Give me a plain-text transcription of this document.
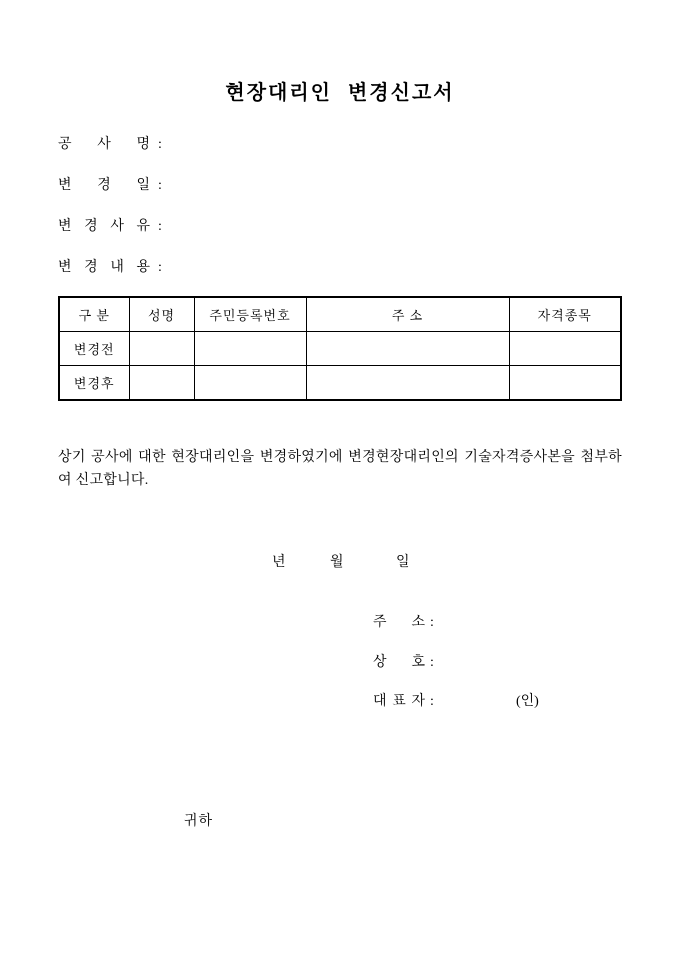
현장대리인 변경신고서
공 사 명 :
변 경 일 :
변 경 사 유 :
변 경 내 용 :
구 분	성명	주민등록번호	주 소	자격종목
변경전				
변경후				

상기 공사에 대한 현장대리인을 변경하였기에 변경현장대리인의 기술자격증사본을 첨부하여 신고합니다.

년	월	일
주 소 :
상 호 :
대 표 자 :	(인)
귀하
